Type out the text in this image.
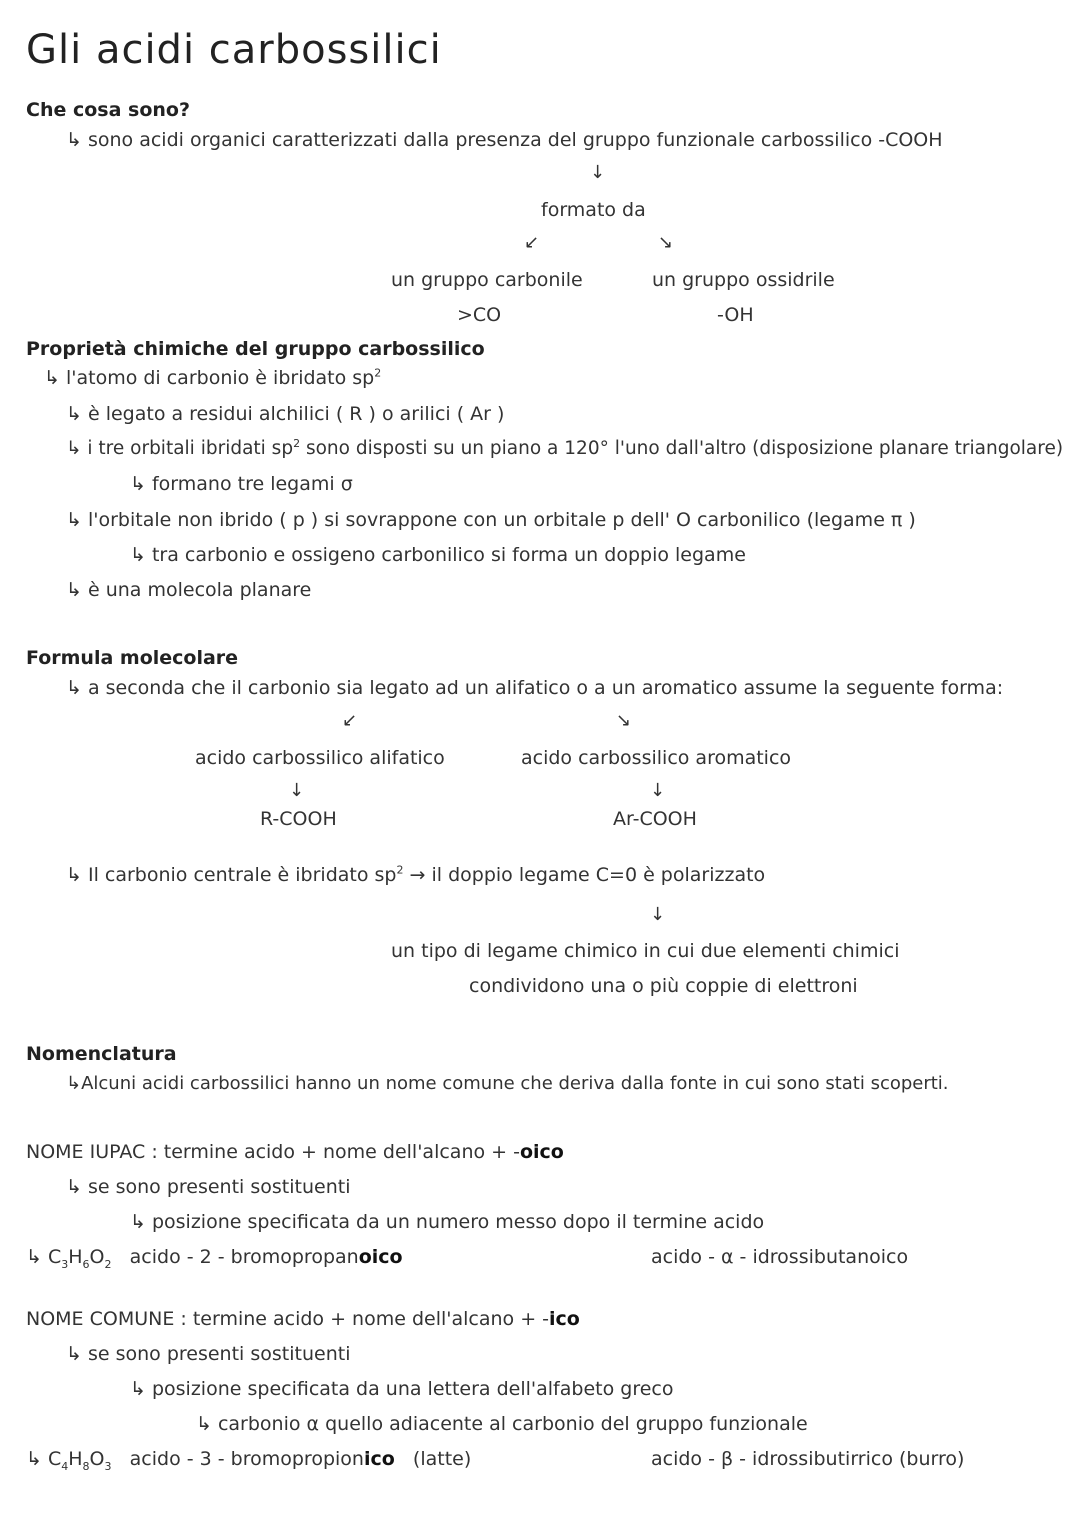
Gli acidi carbossilici
Che cosa sono?
↳ sono acidi organici caratterizzati dalla presenza del gruppo funzionale carbossilico -COOH
↓
formato da
↙	↘
un gruppo carbonile
>CO
un gruppo ossidrile
-OH
Proprietà chimiche del gruppo carbossilico
↳ l'atomo di carbonio è ibridato $sp^2$
↳ è legato a residui alchilici ( R ) o arilici ( Ar )
↳ i tre orbitali ibridati $sp^2$ sono disposti su un piano a 120° l'uno dall'altro (disposizione planare triangolare)
↳ formano tre legami σ
↳ l'orbitale non ibrido ( p ) si sovrappone con un orbitale p dell' O carbonilico (legame π )
↳ tra carbonio e ossigeno carbonilico si forma un doppio legame
↳ è una molecola planare
Formula molecolare
↳ a seconda che il carbonio sia legato ad un alifatico o a un aromatico assume la seguente forma:
↙	↘
acido carbossilico alifatico
↓
R-COOH
acido carbossilico aromatico
↓
Ar-COOH
↳ Il carbonio centrale è ibridato $sp^2$ → il doppio legame C=0 è polarizzato
↓
un tipo di legame chimico in cui due elementi chimici
condividono una o più coppie di elettroni
Nomenclatura
↳Alcuni acidi carbossilici hanno un nome comune che deriva dalla fonte in cui sono stati scoperti.
NOME IUPAC : termine acido + nome dell'alcano + -oico
↳ se sono presenti sostituenti
↳ posizione specificata da un numero messo dopo il termine acido
↳ $C_3H_6O_2$ acido - 2 - bromopropanoico	acido - α - idrossibutanoico
NOME COMUNE : termine acido + nome dell'alcano + -ico
↳ se sono presenti sostituenti
↳ posizione specificata da una lettera dell'alfabeto greco
↳ carbonio α quello adiacente al carbonio del gruppo funzionale
↳ $C_4H_8O_3$ acido - 3 - bromopropionico (latte)	acido - β - idrossibutirrico (burro)
